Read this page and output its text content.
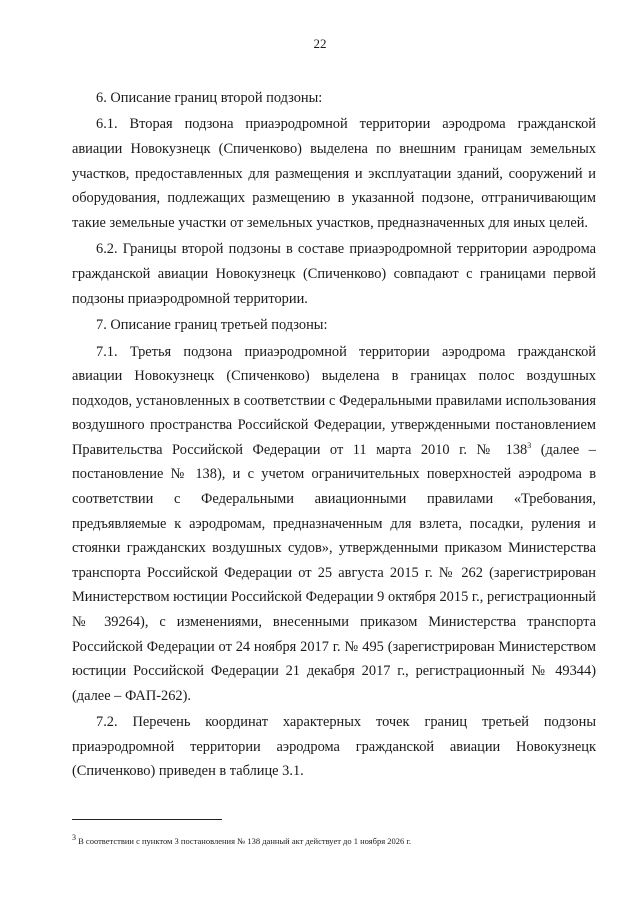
22

6. Описание границ второй подзоны:

6.1. Вторая подзона приаэродромной территории аэродрома гражданской авиации Новокузнецк (Спиченково) выделена по внешним границам земельных участков, предоставленных для размещения и эксплуатации зданий, сооружений и оборудования, подлежащих размещению в указанной подзоне, отграничивающим такие земельные участки от земельных участков, предназначенных для иных целей.

6.2. Границы второй подзоны в составе приаэродромной территории аэродрома гражданской авиации Новокузнецк (Спиченково) совпадают с границами первой подзоны приаэродромной территории.

7. Описание границ третьей подзоны:

7.1. Третья подзона приаэродромной территории аэродрома гражданской авиации Новокузнецк (Спиченково) выделена в границах полос воздушных подходов, установленных в соответствии с Федеральными правилами использования воздушного пространства Российской Федерации, утвержденными постановлением Правительства Российской Федерации от 11 марта 2010 г. № $138^3$ (далее – постановление № 138), и с учетом ограничительных поверхностей аэродрома в соответствии с Федеральными авиационными правилами «Требования, предъявляемые к аэродромам, предназначенным для взлета, посадки, руления и стоянки гражданских воздушных судов», утвержденными приказом Министерства транспорта Российской Федерации от 25 августа 2015 г. № 262 (зарегистрирован Министерством юстиции Российской Федерации 9 октября 2015 г., регистрационный № 39264), с изменениями, внесенными приказом Министерства транспорта Российской Федерации от 24 ноября 2017 г. № 495 (зарегистрирован Министерством юстиции Российской Федерации 21 декабря 2017 г., регистрационный № 49344) (далее – ФАП-262).

7.2. Перечень координат характерных точек границ третьей подзоны приаэродромной территории аэродрома гражданской авиации Новокузнецк (Спиченково) приведен в таблице 3.1.

$^3$ В соответствии с пунктом 3 постановления № 138 данный акт действует до 1 ноября 2026 г.
